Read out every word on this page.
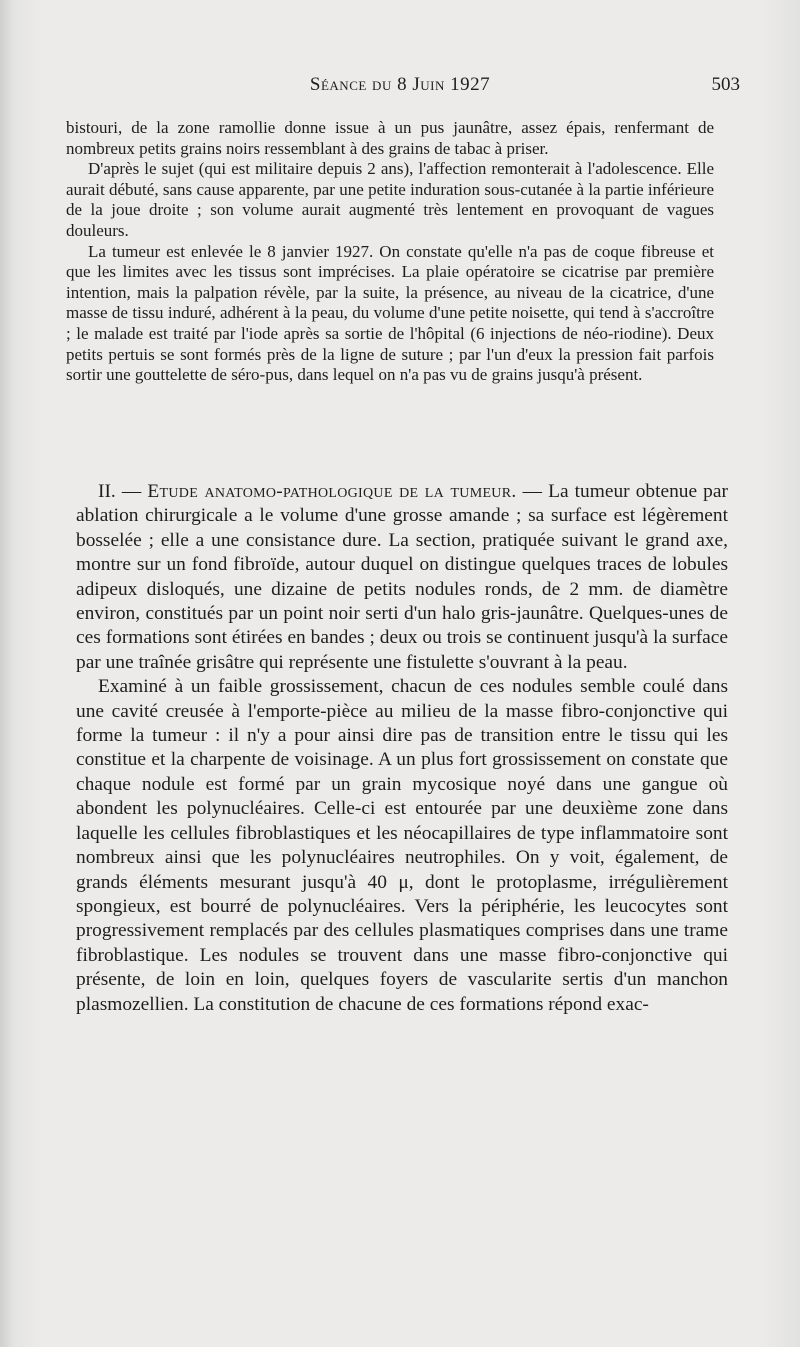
Séance du 8 Juin 1927	503

bistouri, de la zone ramollie donne issue à un pus jaunâtre, assez épais, renfermant de nombreux petits grains noirs ressemblant à des grains de tabac à priser.

D'après le sujet (qui est militaire depuis 2 ans), l'affection remonterait à l'adolescence. Elle aurait débuté, sans cause apparente, par une petite induration sous-cutanée à la partie inférieure de la joue droite ; son volume aurait augmenté très lentement en provoquant de vagues douleurs.

La tumeur est enlevée le 8 janvier 1927. On constate qu'elle n'a pas de coque fibreuse et que les limites avec les tissus sont imprécises. La plaie opératoire se cicatrise par première intention, mais la palpation révèle, par la suite, la présence, au niveau de la cicatrice, d'une masse de tissu induré, adhérent à la peau, du volume d'une petite noisette, qui tend à s'accroître ; le malade est traité par l'iode après sa sortie de l'hôpital (6 injections de néo-riodine). Deux petits pertuis se sont formés près de la ligne de suture ; par l'un d'eux la pression fait parfois sortir une gouttelette de séro-pus, dans lequel on n'a pas vu de grains jusqu'à présent.

II. — Etude anatomo-pathologique de la tumeur. — La tumeur obtenue par ablation chirurgicale a le volume d'une grosse amande ; sa surface est légèrement bosselée ; elle a une consistance dure. La section, pratiquée suivant le grand axe, montre sur un fond fibroïde, autour duquel on distingue quelques traces de lobules adipeux disloqués, une dizaine de petits nodules ronds, de 2 mm. de diamètre environ, constitués par un point noir serti d'un halo gris-jaunâtre. Quelques-unes de ces formations sont étirées en bandes ; deux ou trois se continuent jusqu'à la surface par une traînée grisâtre qui représente une fistulette s'ouvrant à la peau.

Examiné à un faible grossissement, chacun de ces nodules semble coulé dans une cavité creusée à l'emporte-pièce au milieu de la masse fibro-conjonctive qui forme la tumeur : il n'y a pour ainsi dire pas de transition entre le tissu qui les constitue et la charpente de voisinage. A un plus fort grossissement on constate que chaque nodule est formé par un grain mycosique noyé dans une gangue où abondent les polynucléaires. Celle-ci est entourée par une deuxième zone dans laquelle les cellules fibroblastiques et les néocapillaires de type inflammatoire sont nombreux ainsi que les polynucléaires neutrophiles. On y voit, également, de grands éléments mesurant jusqu'à 40 μ, dont le protoplasme, irrégulièrement spongieux, est bourré de polynucléaires. Vers la périphérie, les leucocytes sont progressivement remplacés par des cellules plasmatiques comprises dans une trame fibroblastique. Les nodules se trouvent dans une masse fibro-conjonctive qui présente, de loin en loin, quelques foyers de vascularite sertis d'un manchon plasmozellien. La constitution de chacune de ces formations répond exac-
